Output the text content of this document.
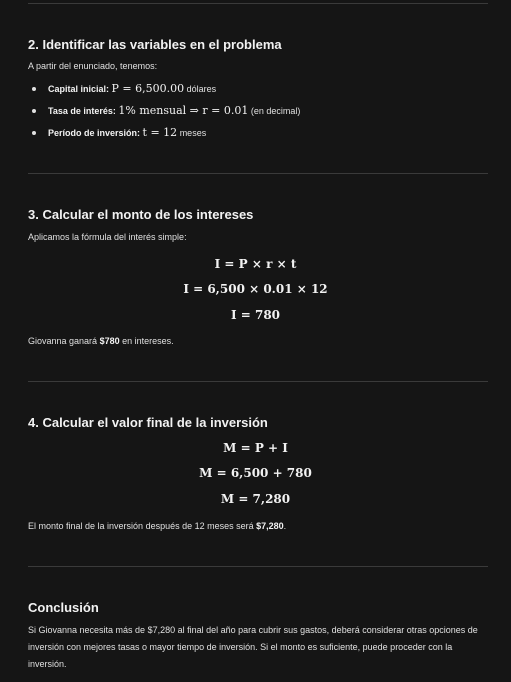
2. Identificar las variables en el problema

A partir del enunciado, tenemos:

Capital inicial: P = 6,500.00 dólares
Tasa de interés: 1% mensual ⇒ r = 0.01 (en decimal)
Período de inversión: t = 12 meses
3. Calcular el monto de los intereses

Aplicamos la fórmula del interés simple:

I = P × r × t
I = 6,500 × 0.01 × 12
I = 780

Giovanna ganará $780 en intereses.

4. Calcular el valor final de la inversión
M = P + I
M = 6,500 + 780
M = 7,280

El monto final de la inversión después de 12 meses será $7,280.

Conclusión

Si Giovanna necesita más de $7,280 al final del año para cubrir sus gastos, deberá considerar otras opciones de inversión con mejores tasas o mayor tiempo de inversión. Si el monto es suficiente, puede proceder con la inversión.
